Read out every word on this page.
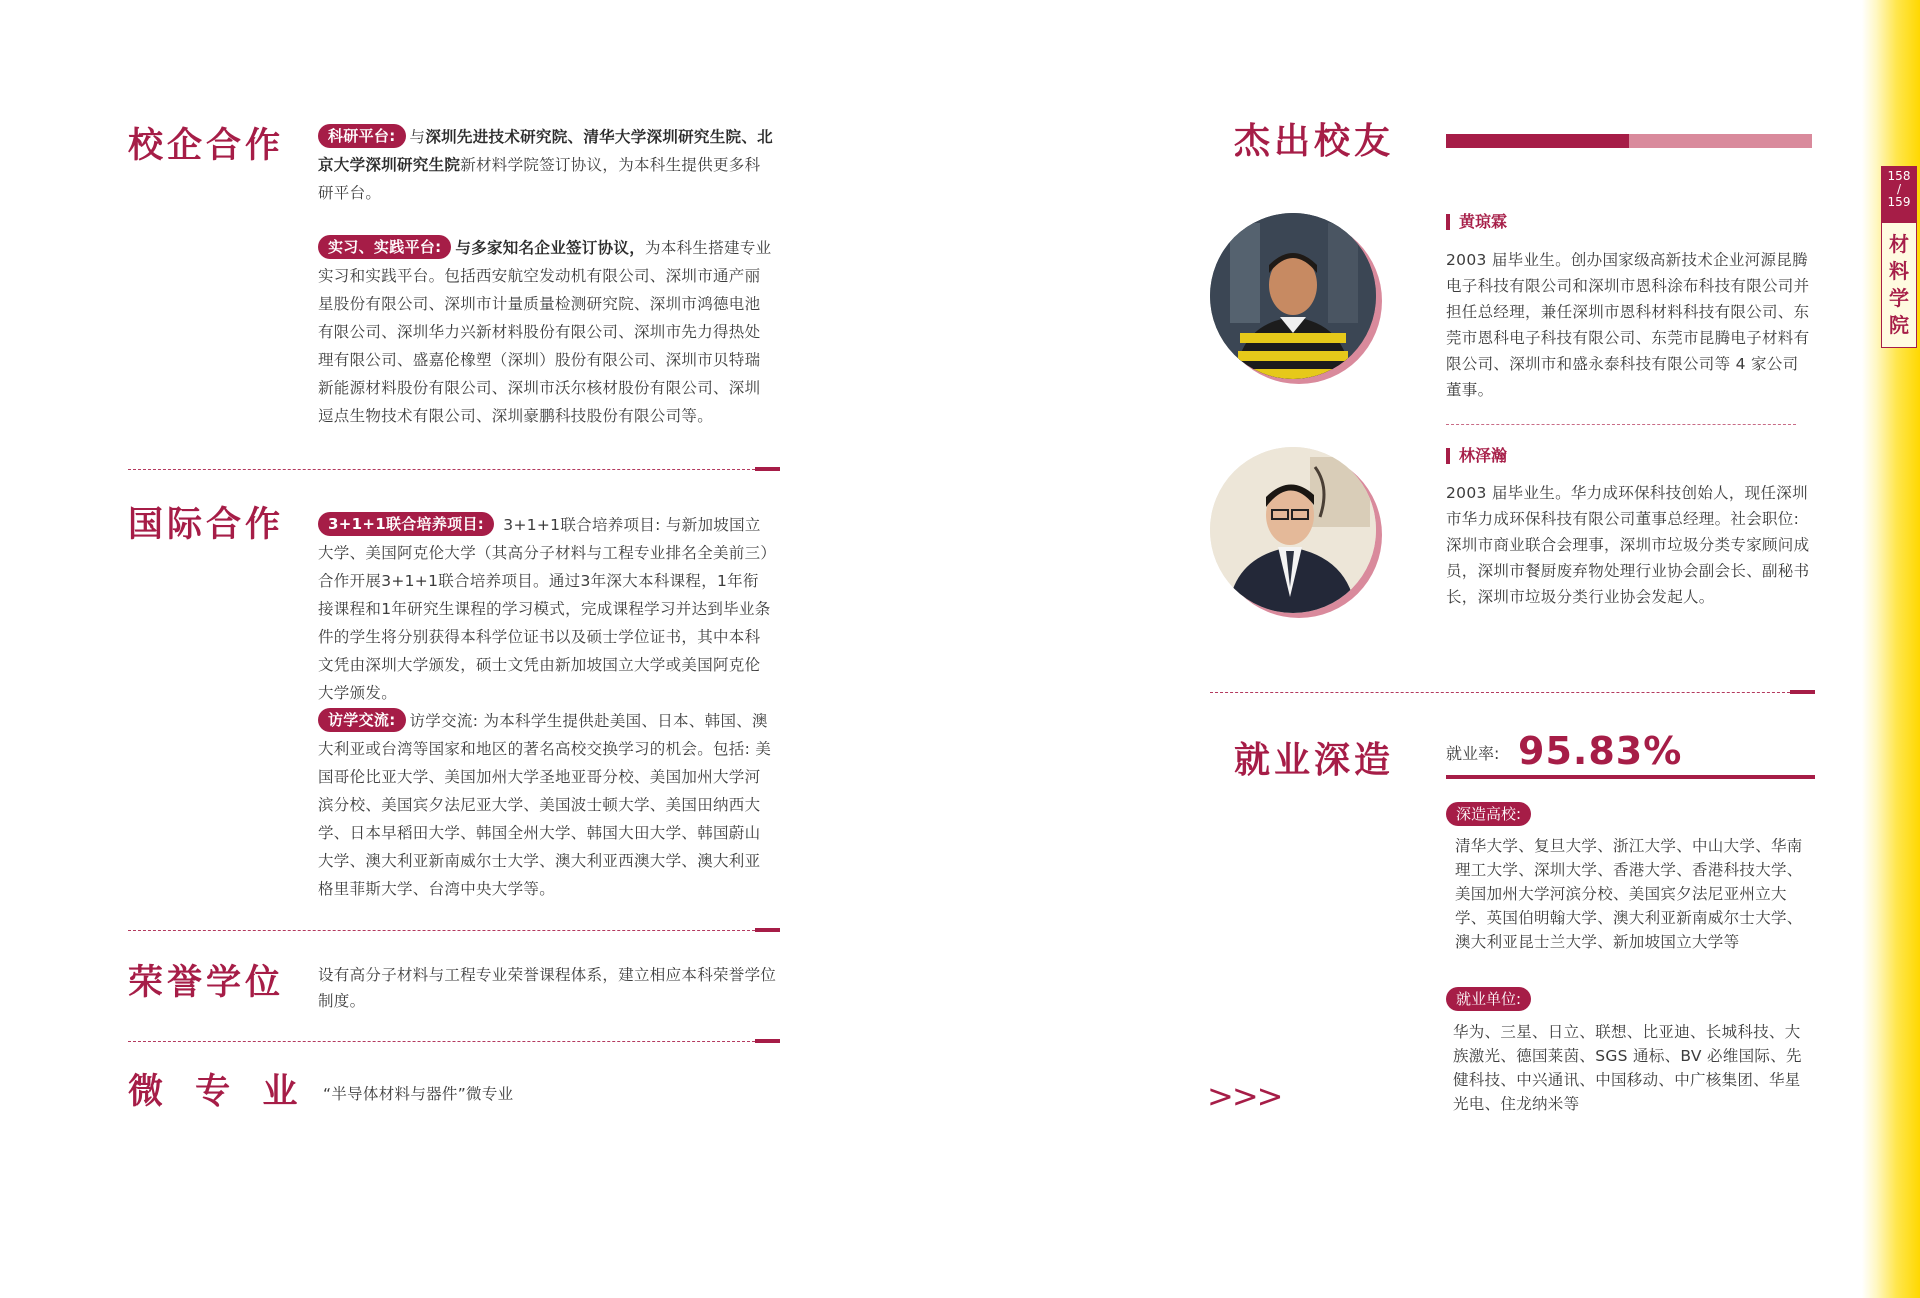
校企合作	科研平台: 与深圳先进技术研究院、清华大学深圳研究生院、北京大学深圳研究生院新材料学院签订协议，为本科生提供更多科研平台。
实习、实践平台: 与多家知名企业签订协议，为本科生搭建专业实习和实践平台。包括西安航空发动机有限公司、深圳市通产丽星股份有限公司、深圳市计量质量检测研究院、深圳市鸿德电池有限公司、深圳华力兴新材料股份有限公司、深圳市先力得热处理有限公司、盛嘉伦橡塑（深圳）股份有限公司、深圳市贝特瑞新能源材料股份有限公司、深圳市沃尔核材股份有限公司、深圳逗点生物技术有限公司、深圳豪鹏科技股份有限公司等。
国际合作	3+1+1联合培养项目: 3+1+1联合培养项目: 与新加坡国立大学、美国阿克伦大学（其高分子材料与工程专业排名全美前三）合作开展3+1+1联合培养项目。通过3年深大本科课程，1年衔接课程和1年研究生课程的学习模式，完成课程学习并达到毕业条件的学生将分别获得本科学位证书以及硕士学位证书，其中本科文凭由深圳大学颁发，硕士文凭由新加坡国立大学或美国阿克伦大学颁发。
访学交流: 访学交流: 为本科学生提供赴美国、日本、韩国、澳大利亚或台湾等国家和地区的著名高校交换学习的机会。包括: 美国哥伦比亚大学、美国加州大学圣地亚哥分校、美国加州大学河滨分校、美国宾夕法尼亚大学、美国波士顿大学、美国田纳西大学、日本早稻田大学、韩国全州大学、韩国大田大学、韩国蔚山大学、澳大利亚新南威尔士大学、澳大利亚西澳大学、澳大利亚格里菲斯大学、台湾中央大学等。
荣誉学位 设有高分子材料与工程专业荣誉课程体系，建立相应本科荣誉学位制度。
微 专 业 “半导体材料与器件”微专业
杰出校友
黄琼霖
2003 届毕业生。创办国家级高新技术企业河源昆腾电子科技有限公司和深圳市恩科涂布科技有限公司并担任总经理，兼任深圳市恩科材料科技有限公司、东莞市恩科电子科技有限公司、东莞市昆腾电子材料有限公司、深圳市和盛永泰科技有限公司等 4 家公司董事。
林泽瀚
2003 届毕业生。华力成环保科技创始人，现任深圳市华力成环保科技有限公司董事总经理。社会职位: 深圳市商业联合会理事，深圳市垃圾分类专家顾问成员，深圳市餐厨废弃物处理行业协会副会长、副秘书长，深圳市垃圾分类行业协会发起人。
就业深造	就业率: 95.83%
深造高校:
清华大学、复旦大学、浙江大学、中山大学、华南理工大学、深圳大学、香港大学、香港科技大学、美国加州大学河滨分校、美国宾夕法尼亚州立大学、英国伯明翰大学、澳大利亚新南威尔士大学、澳大利亚昆士兰大学、新加坡国立大学等
就业单位:
华为、三星、日立、联想、比亚迪、长城科技、大族激光、德国莱茵、SGS 通标、BV 必维国际、先健科技、中兴通讯、中国移动、中广核集团、华星光电、住龙纳米等
>>>
158
/
159
材料学院
